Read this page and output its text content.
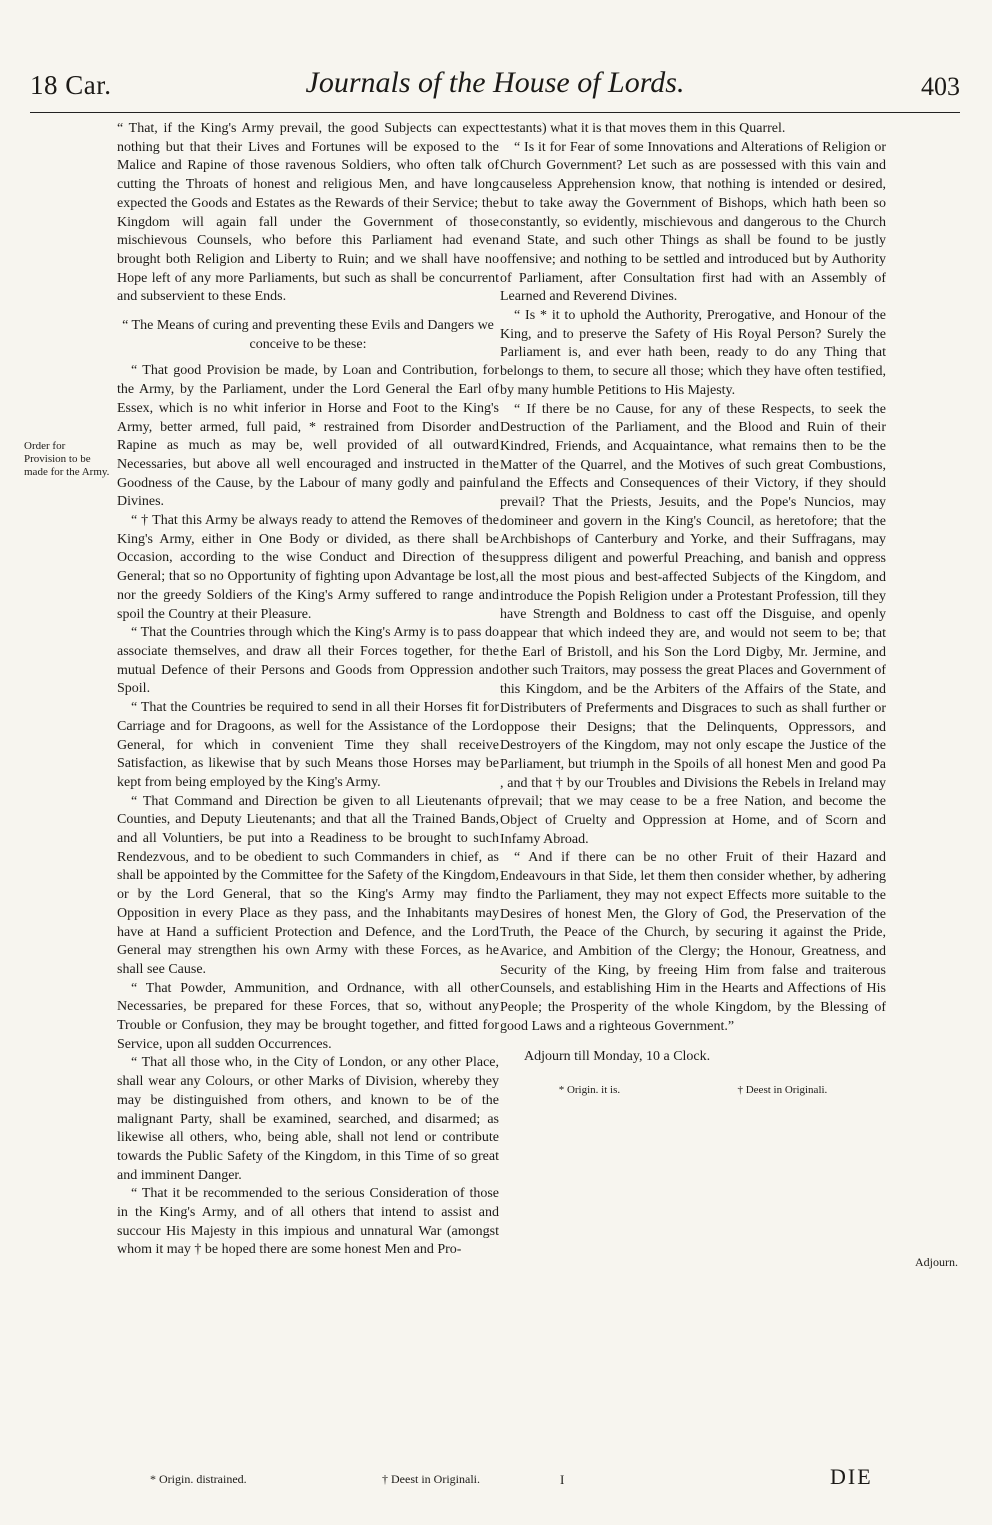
18 Car.	Journals of the House of Lords.	403
Order for Provision to be made for the Army.

“ That, if the King's Army prevail, the good Subjects can expect nothing but that their Lives and Fortunes will be exposed to the Malice and Rapine of those ravenous Soldiers, who often talk of cutting the Throats of honest and religious Men, and have long expected the Goods and Estates as the Rewards of their Service; the Kingdom will again fall under the Government of those mischievous Counsels, who before this Parliament had even brought both Religion and Liberty to Ruin; and we shall have no Hope left of any more Parliaments, but such as shall be concurrent and subservient to these Ends.

“ The Means of curing and preventing these Evils and Dangers we conceive to be these:

“ That good Provision be made, by Loan and Contribution, for the Army, by the Parliament, under the Lord General the Earl of Essex, which is no whit inferior in Horse and Foot to the King's Army, better armed, full paid, * restrained from Disorder and Rapine as much as may be, well provided of all outward Necessaries, but above all well encouraged and instructed in the Goodness of the Cause, by the Labour of many godly and painful Divines.

“ † That this Army be always ready to attend the Removes of the King's Army, either in One Body or divided, as there shall be Occasion, according to the wise Conduct and Direction of the General; that so no Opportunity of fighting upon Advantage be lost, nor the greedy Soldiers of the King's Army suffered to range and spoil the Country at their Pleasure.

“ That the Countries through which the King's Army is to pass do associate themselves, and draw all their Forces together, for the mutual Defence of their Persons and Goods from Oppression and Spoil.

“ That the Countries be required to send in all their Horses fit for Carriage and for Dragoons, as well for the Assistance of the Lord General, for which in convenient Time they shall receive Satisfaction, as likewise that by such Means those Horses may be kept from being employed by the King's Army.

“ That Command and Direction be given to all Lieutenants of Counties, and Deputy Lieutenants; and that all the Trained Bands, and all Voluntiers, be put into a Readiness to be brought to such Rendezvous, and to be obedient to such Commanders in chief, as shall be appointed by the Committee for the Safety of the Kingdom, or by the Lord General, that so the King's Army may find Opposition in every Place as they pass, and the Inhabitants may have at Hand a sufficient Protection and Defence, and the Lord General may strengthen his own Army with these Forces, as he shall see Cause.

“ That Powder, Ammunition, and Ordnance, with all other Necessaries, be prepared for these Forces, that so, without any Trouble or Confusion, they may be brought together, and fitted for Service, upon all sudden Occurrences.

“ That all those who, in the City of London, or any other Place, shall wear any Colours, or other Marks of Division, whereby they may be distinguished from others, and known to be of the malignant Party, shall be examined, searched, and disarmed; as likewise all others, who, being able, shall not lend or contribute towards the Public Safety of the Kingdom, in this Time of so great and imminent Danger.

“ That it be recommended to the serious Consideration of those in the King's Army, and of all others that intend to assist and succour His Majesty in this impious and unnatural War (amongst whom it may † be hoped there are some honest Men and Pro-

* Origin. distrained.	† Deest in Originali.

testants) what it is that moves them in this Quarrel.

“ Is it for Fear of some Innovations and Alterations of Religion or Church Government? Let such as are possessed with this vain and causeless Apprehension know, that nothing is intended or desired, but to take away the Government of Bishops, which hath been so constantly, so evidently, mischievous and dangerous to the Church and State, and such other Things as shall be found to be justly offensive; and nothing to be settled and introduced but by Authority of Parliament, after Consultation first had with an Assembly of Learned and Reverend Divines.

“ Is * it to uphold the Authority, Prerogative, and Honour of the King, and to preserve the Safety of His Royal Person? Surely the Parliament is, and ever hath been, ready to do any Thing that belongs to them, to secure all those; which they have often testified, by many humble Petitions to His Majesty.

“ If there be no Cause, for any of these Respects, to seek the Destruction of the Parliament, and the Blood and Ruin of their Kindred, Friends, and Acquaintance, what remains then to be the Matter of the Quarrel, and the Motives of such great Combustions, and the Effects and Consequences of their Victory, if they should prevail? That the Priests, Jesuits, and the Pope's Nuncios, may domineer and govern in the King's Council, as heretofore; that the Archbishops of Canterbury and Yorke, and their Suffragans, may suppress diligent and powerful Preaching, and banish and oppress all the most pious and best-affected Subjects of the Kingdom, and introduce the Popish Religion under a Protestant Profession, till they have Strength and Boldness to cast off the Disguise, and openly appear that which indeed they are, and would not seem to be; that the Earl of Bristoll, and his Son the Lord Digby, Mr. Jermine, and other such Traitors, may possess the great Places and Government of this Kingdom, and be the Arbiters of the Affairs of the State, and Distributers of Preferments and Disgraces to such as shall further or oppose their Designs; that the Delinquents, Oppressors, and Destroyers of the Kingdom, may not only escape the Justice of the Parliament, but triumph in the Spoils of all honest Men and good Pa , and that † by our Troubles and Divisions the Rebels in Ireland may prevail; that we may cease to be a free Nation, and become the Object of Cruelty and Oppression at Home, and of Scorn and Infamy Abroad.

“ And if there can be no other Fruit of their Hazard and Endeavours in that Side, let them then consider whether, by adhering to the Parliament, they may not expect Effects more suitable to the Desires of honest Men, the Glory of God, the Preservation of the Truth, the Peace of the Church, by securing it against the Pride, Avarice, and Ambition of the Clergy; the Honour, Greatness, and Security of the King, by freeing Him from false and traiterous Counsels, and establishing Him in the Hearts and Affections of His People; the Prosperity of the whole Kingdom, by the Blessing of good Laws and a righteous Government.”

Adjourn till Monday, 10 a Clock.

* Origin. it is.	† Deest in Originali.
Adjourn.
I	DIE
